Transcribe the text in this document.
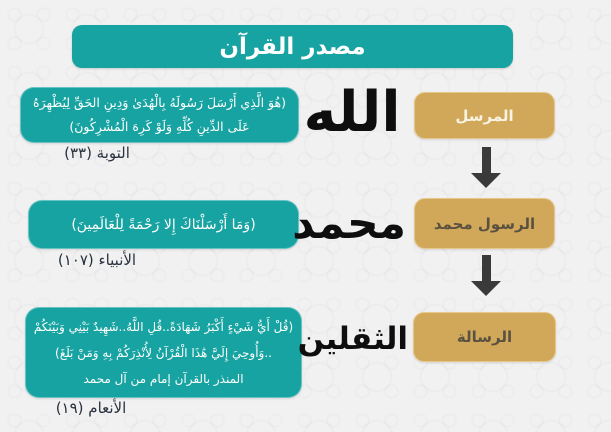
مصدر القرآن
(هُوَ الَّذِي أَرْسَلَ رَسُولَهُ بِالْهُدَىٰ وَدِينِ الحَقِّ لِيُظْهِرَهُ
عَلَى الدِّينِ كُلِّهِ وَلَوْ كَرِهَ الْمُشْرِكُونَ)
التوبة (٣٣)
الله	المرسل
(وَمَا أَرْسَلْنَاكَ إِلا رَحْمَةً لِلْعَالَمِينَ)
الأنبياء (١٠٧)
محمد الرسول محمد
(قُلْ أَيُّ شَيْءٍ أَكْبَرُ شَهَادَةً..قُلِ اللَّهُ..شَهِيدٌ بَيْنِي وَبَيْنَكُمْ
..وَأُوحِيَ إِلَيَّ هَٰذَا الْقُرْآنُ لِأُنْذِرَكُمْ بِهِ وَمَنْ بَلَغَ)
المنذر بالقرآن إمام من آل محمد
الأنعام (١٩)
الثقلين	الرسالة
